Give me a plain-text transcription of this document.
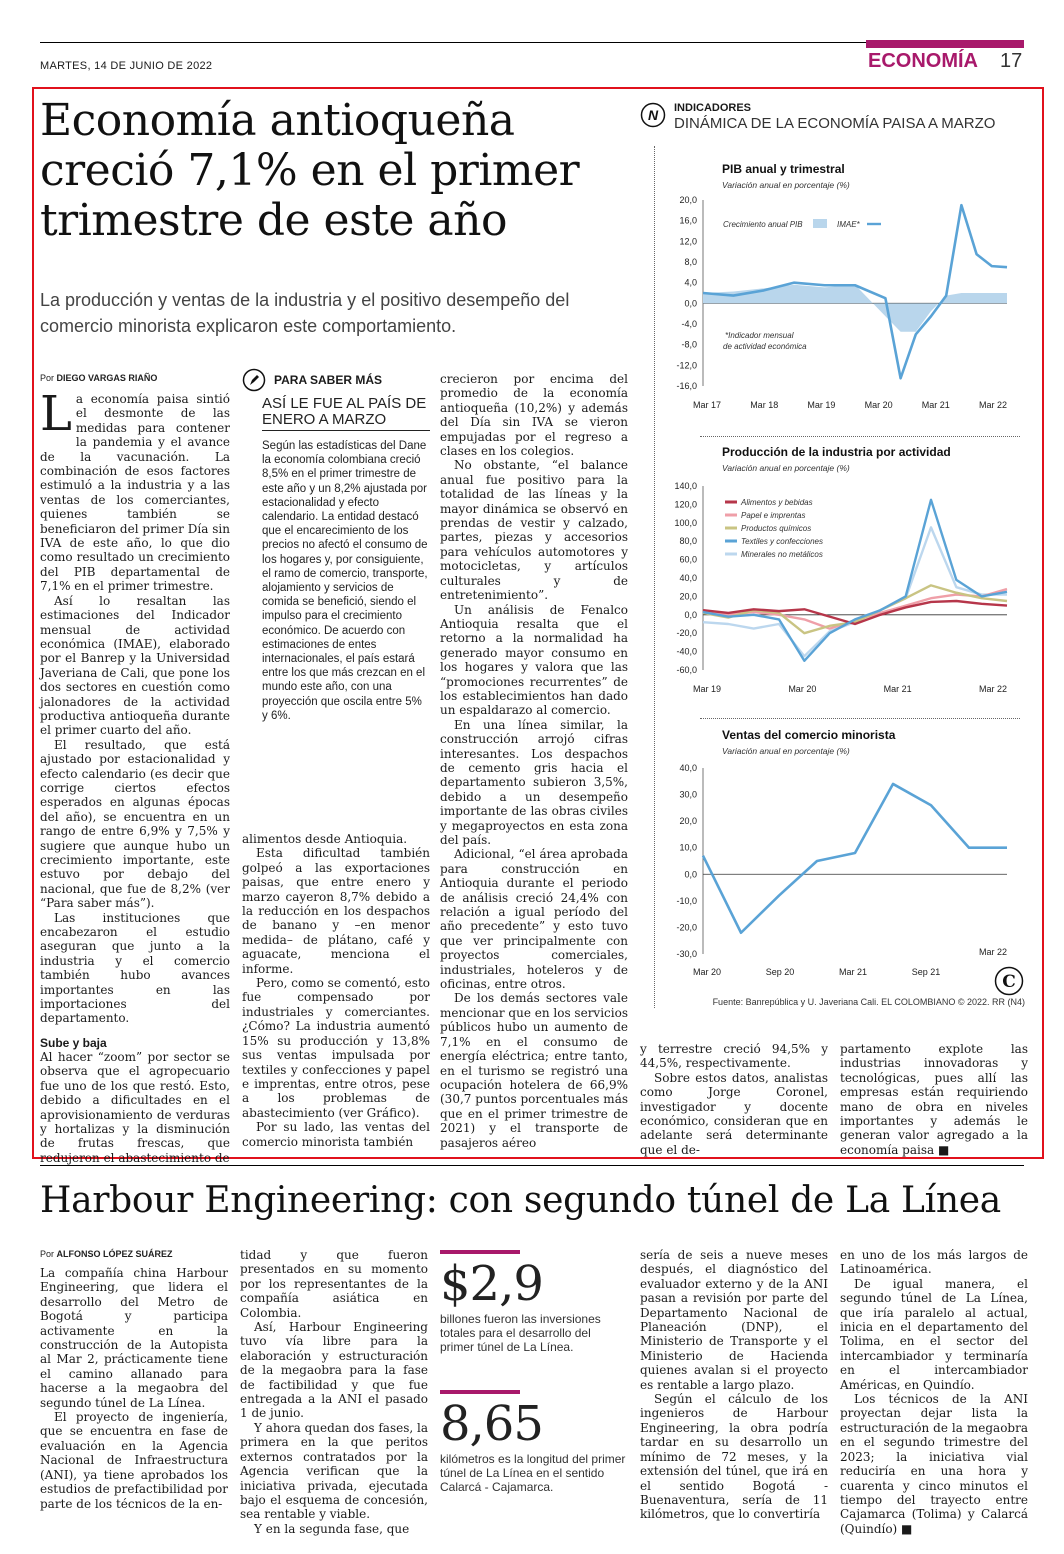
MARTES, 14 DE JUNIO DE 2022	ECONOMÍA 17
Economía antioqueña creció 7,1% en el primer trimestre de este año
La producción y ventas de la industria y el positivo desempeño del comercio minorista explicaron este comportamiento.
Por DIEGO VARGAS RIAÑO
L a economía paisa sintió el desmonte de las medidas para contener la pandemia y el avance de la vacunación. La combinación de esos factores estimuló a la industria y a las ventas de los comerciantes, quienes también se beneficiaron del primer Día sin IVA de este año, lo que dio como resultado un crecimiento del PIB departamental de 7,1% en el primer trimestre.

Así lo resaltan las estimaciones del Indicador mensual de actividad económica (IMAE), elaborado por el Banrep y la Universidad Javeriana de Cali, que pone los dos sectores en cuestión como jalonadores de la actividad productiva antioqueña durante el primer cuarto del año.

El resultado, que está ajustado por estacionalidad y efecto calendario (es decir que corrige ciertos efectos esperados en algunas épocas del año), se encuentra en un rango de entre 6,9% y 7,5% y sugiere que aunque hubo un crecimiento importante, este estuvo por debajo del nacional, que fue de 8,2% (ver “Para saber más”).

Las instituciones que encabezaron el estudio aseguran que junto a la industria y el comercio también hubo avances importantes en las importaciones del departamento.

Sube y baja

Al hacer “zoom” por sector se observa que el agropecuario fue uno de los que restó. Esto, debido a dificultades en el aprovisionamiento de verduras y hortalizas y la disminución de frutas frescas, que redujeron el abastecimiento de

PARA SABER MÁS
ASÍ LE FUE AL PAÍS DE ENERO A MARZO
Según las estadísticas del Dane la economía colombiana creció 8,5% en el primer trimestre de este año y un 8,2% ajustada por estacionalidad y efecto calendario. La entidad destacó que el encarecimiento de los precios no afectó el consumo de los hogares y, por consiguiente, el ramo de comercio, transporte, alojamiento y servicios de comida se benefició, siendo el impulso para el crecimiento económico. De acuerdo con estimaciones de entes internacionales, el país estará entre los que más crezcan en el mundo este año, con una proyección que oscila entre 5% y 6%.

alimentos desde Antioquia.

Esta dificultad también golpeó a las exportaciones paisas, que entre enero y marzo cayeron 8,7% debido a la reducción en los despachos de banano y –en menor medida– de plátano, café y aguacate, menciona el informe.

Pero, como se comentó, esto fue compensado por industriales y comerciantes. ¿Cómo? La industria aumentó 15% su producción y 13,8% sus ventas impulsada por textiles y confecciones y papel e imprentas, entre otros, pese a los problemas de abastecimiento (ver Gráfico).

Por su lado, las ventas del comercio minorista también

crecieron por encima del promedio de la economía antioqueña (10,2%) y además del Día sin IVA se vieron empujadas por el regreso a clases en los colegios.

No obstante, “el balance anual fue positivo para la totalidad de las líneas y la mayor dinámica se observó en prendas de vestir y calzado, partes, piezas y accesorios para vehículos automotores y motocicletas, y artículos culturales y de entretenimiento”.

Un análisis de Fenalco Antioquia resalta que el retorno a la normalidad ha generado mayor consumo en los hogares y valora que las “promociones recurrentes” de los establecimientos han dado un espaldarazo al comercio.

En una línea similar, la construcción arrojó cifras interesantes. Los despachos de cemento gris hacia el departamento subieron 3,5%, debido a un desempeño importante de las obras civiles y megaproyectos en esta zona del país.

Adicional, “el área aprobada para construcción en Antioquia durante el periodo de análisis creció 24,4% con relación a igual período del año precedente” y esto tuvo que ver principalmente con proyectos comerciales, industriales, hoteleros y de oficinas, entre otros.

De los demás sectores vale mencionar que en los servicios públicos hubo un aumento de 7,1% en el consumo de energía eléctrica; entre tanto, en el turismo se registró una ocupación hotelera de 66,9% (30,7 puntos porcentuales más que en el primer trimestre de 2021) y el transporte de pasajeros aéreo

y terrestre creció 94,5% y 44,5%, respectivamente.

Sobre estos datos, analistas como Jorge Coronel, investigador y docente económico, consideran que en adelante será determinante que el de-

partamento explote las industrias innovadoras y tecnológicas, pues allí las empresas están requiriendo mano de obra en niveles importantes y además le generan valor agregado a la economía paisa ■

N INDICADORES
DINÁMICA DE LA ECONOMÍA PAISA A MARZO
PIB anual y trimestral
Variación anual en porcentaje (%)
20,0
16,0
12,0
8,0
4,0
0,0
-4,0
-8,0
-12,0
-16,0
Mar 17	Mar 18	Mar 19	Mar 20	Mar 21	Mar 22
Crecimiento anual PIB	IMAE*
*Indicador mensual
de actividad económica
Producción de la industria por actividad
Variación anual en porcentaje (%)
140,0
120,0
100,0
80,0
60,0
40,0
20,0
0,0
-20,0
-40,0
-60,0
Mar 19	Mar 20	Mar 21	Mar 22
Alimentos y bebidas
Papel e imprentas
Productos químicos
Textiles y confecciones
Minerales no metálicos
Ventas del comercio minorista
Variación anual en porcentaje (%)
40,0
30,0
20,0
10,0
0,0
-10,0
-20,0
-30,0
Mar 20	Sep 20	Mar 21	Sep 21
Mar 22
C
Fuente: Banrepública y U. Javeriana Cali. EL COLOMBIANO © 2022. RR (N4)
Harbour Engineering: con segundo túnel de La Línea
Por ALFONSO LÓPEZ SUÁREZ

La compañía china Harbour Engineering, que lidera el desarrollo del Metro de Bogotá y participa activamente en la construcción de la Autopista al Mar 2, prácticamente tiene el camino allanado para hacerse a la megaobra del segundo túnel de La Línea.

El proyecto de ingeniería, que se encuentra en fase de evaluación en la Agencia Nacional de Infraestructura (ANI), ya tiene aprobados los estudios de prefactibilidad por parte de los técnicos de la en-

tidad y que fueron presentados en su momento por los representantes de la compañía asiática en Colombia.

Así, Harbour Engineering tuvo vía libre para la elaboración y estructuración de la megaobra para la fase de factibilidad y que fue entregada a la ANI el pasado 1 de junio.

Y ahora quedan dos fases, la primera en la que peritos externos contratados por la Agencia verifican que la iniciativa privada, ejecutada bajo el esquema de concesión, sea rentable y viable.

Y en la segunda fase, que

$2,9
billones fueron las inversiones totales para el desarrollo del primer túnel de La Línea.
8,65
kilómetros es la longitud del primer túnel de La Línea en el sentido Calarcá - Cajamarca.

sería de seis a nueve meses después, el diagnóstico del evaluador externo y de la ANI pasan a revisión por parte del Departamento Nacional de Planeación (DNP), el Ministerio de Transporte y el Ministerio de Hacienda quienes avalan si el proyecto es rentable a largo plazo.

Según el cálculo de los ingenieros de Harbour Engineering, la obra podría tardar en su desarrollo un mínimo de 72 meses, y la extensión del túnel, que irá en el sentido Bogotá - Buenaventura, sería de 11 kilómetros, que lo convertiría

en uno de los más largos de Latinoamérica.

De igual manera, el segundo túnel de La Línea, que iría paralelo al actual, inicia en el departamento del Tolima, en el sector del intercambiador y terminaría en el intercambiador Américas, en Quindío.

Los técnicos de la ANI proyectan dejar lista la estructuración de la megaobra en el segundo trimestre del 2023; la iniciativa vial reduciría en una hora y cuarenta y cinco minutos el tiempo del trayecto entre Cajamarca (Tolima) y Calarcá (Quindío) ■
